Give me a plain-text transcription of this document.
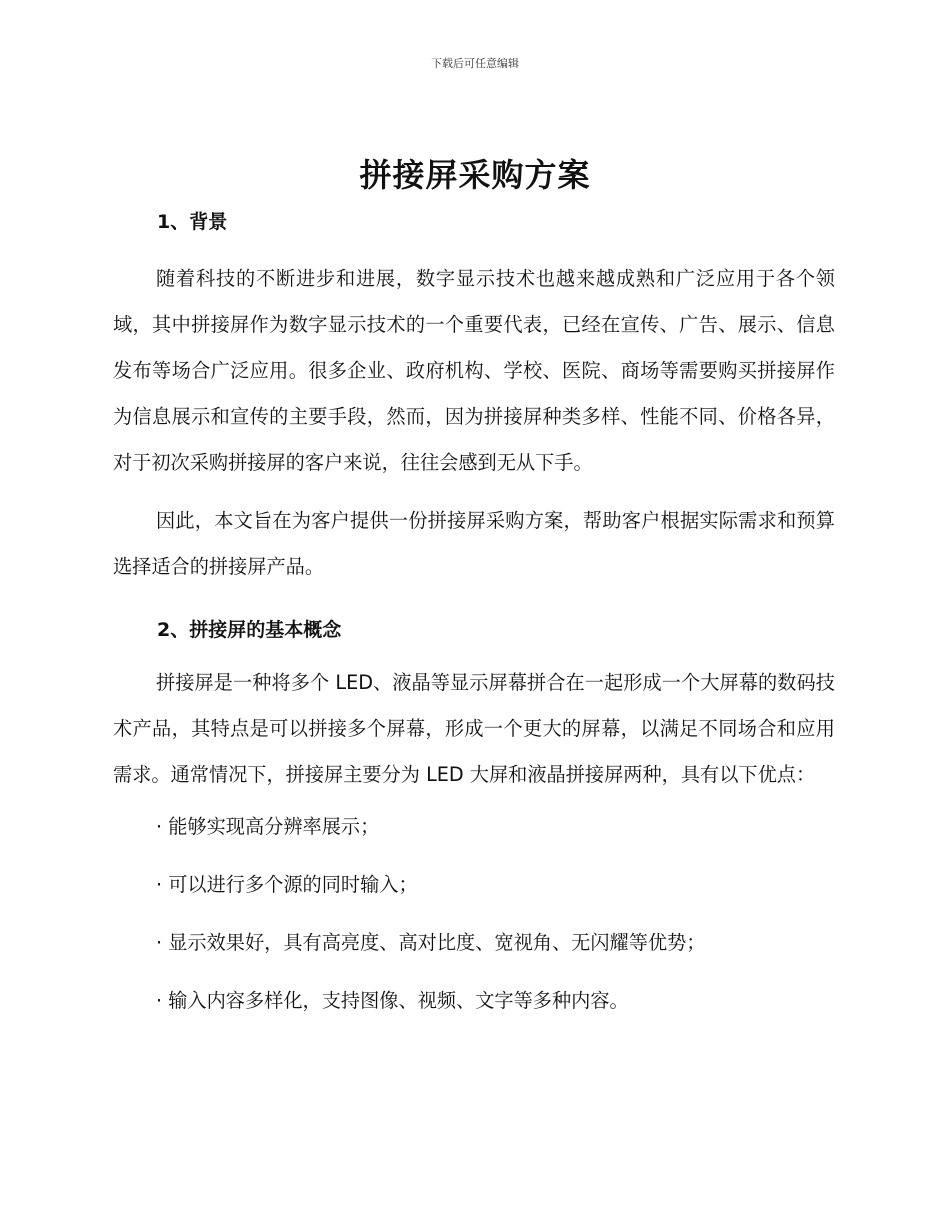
下载后可任意编辑
拼接屏采购方案
1、背景

随着科技的不断进步和进展，数字显示技术也越来越成熟和广泛应用于各个领域，其中拼接屏作为数字显示技术的一个重要代表，已经在宣传、广告、展示、信息发布等场合广泛应用。很多企业、政府机构、学校、医院、商场等需要购买拼接屏作为信息展示和宣传的主要手段，然而，因为拼接屏种类多样、性能不同、价格各异，对于初次采购拼接屏的客户来说，往往会感到无从下手。

因此，本文旨在为客户提供一份拼接屏采购方案，帮助客户根据实际需求和预算选择适合的拼接屏产品。

2、拼接屏的基本概念

拼接屏是一种将多个 LED、液晶等显示屏幕拼合在一起形成一个大屏幕的数码技术产品，其特点是可以拼接多个屏幕，形成一个更大的屏幕，以满足不同场合和应用需求。通常情况下，拼接屏主要分为 LED 大屏和液晶拼接屏两种，具有以下优点：

· 能够实现高分辨率展示；
· 可以进行多个源的同时输入；
· 显示效果好，具有高亮度、高对比度、宽视角、无闪耀等优势；
· 输入内容多样化，支持图像、视频、文字等多种内容。
